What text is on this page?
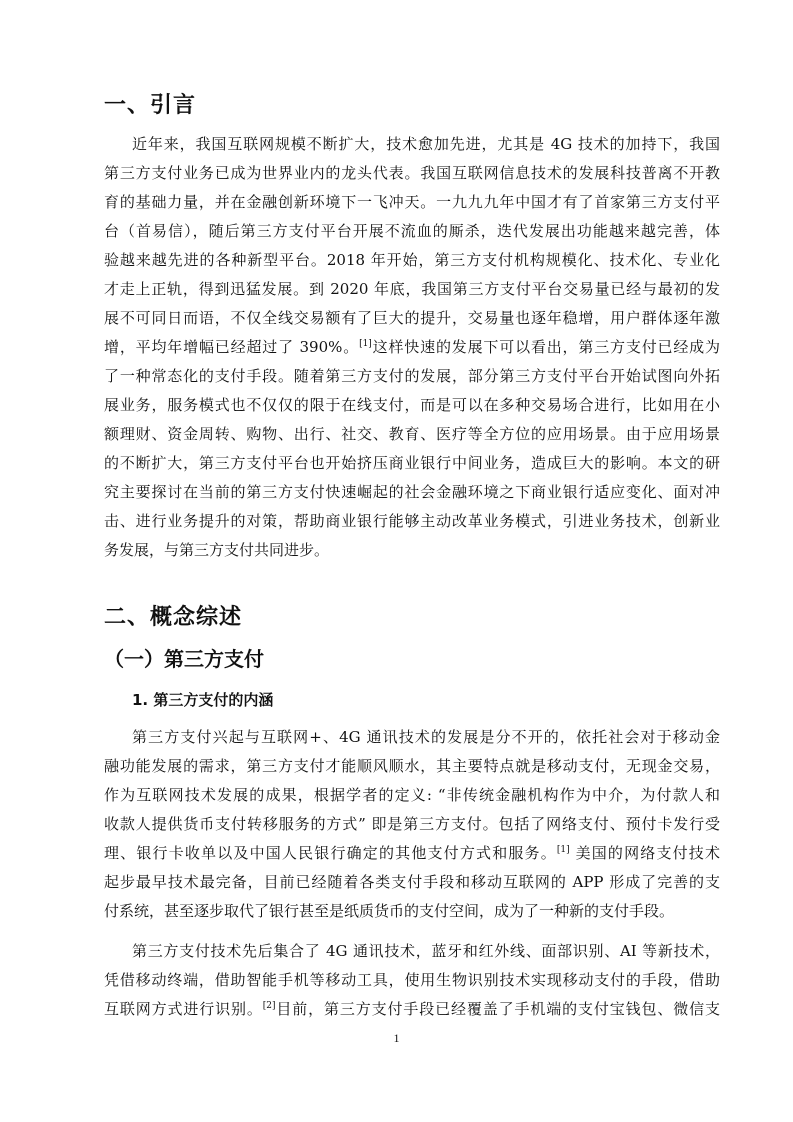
一、引言
近年来，我国互联网规模不断扩大，技术愈加先进，尤其是 4G 技术的加持下，我国
第三方支付业务已成为世界业内的龙头代表。我国互联网信息技术的发展科技普离不开教
育的基础力量，并在金融创新环境下一飞冲天。一九九九年中国才有了首家第三方支付平
台（首易信），随后第三方支付平台开展不流血的厮杀，迭代发展出功能越来越完善，体
验越来越先进的各种新型平台。2018 年开始，第三方支付机构规模化、技术化、专业化
才走上正轨，得到迅猛发展。到 2020 年底，我国第三方支付平台交易量已经与最初的发
展不可同日而语，不仅全线交易额有了巨大的提升，交易量也逐年稳增，用户群体逐年激
增，平均年增幅已经超过了 390%。[1]这样快速的发展下可以看出，第三方支付已经成为
了一种常态化的支付手段。随着第三方支付的发展，部分第三方支付平台开始试图向外拓
展业务，服务模式也不仅仅的限于在线支付，而是可以在多种交易场合进行，比如用在小
额理财、资金周转、购物、出行、社交、教育、医疗等全方位的应用场景。由于应用场景
的不断扩大，第三方支付平台也开始挤压商业银行中间业务，造成巨大的影响。本文的研
究主要探讨在当前的第三方支付快速崛起的社会金融环境之下商业银行适应变化、面对冲
击、进行业务提升的对策，帮助商业银行能够主动改革业务模式，引进业务技术，创新业
务发展，与第三方支付共同进步。
二、概念综述
（一）第三方支付
1. 第三方支付的内涵
第三方支付兴起与互联网+、4G 通讯技术的发展是分不开的，依托社会对于移动金
融功能发展的需求，第三方支付才能顺风顺水，其主要特点就是移动支付，无现金交易，
作为互联网技术发展的成果，根据学者的定义: “非传统金融机构作为中介，为付款人和
收款人提供货币支付转移服务的方式” 即是第三方支付。包括了网络支付、预付卡发行受
理、银行卡收单以及中国人民银行确定的其他支付方式和服务。[1] 美国的网络支付技术
起步最早技术最完备，目前已经随着各类支付手段和移动互联网的 APP 形成了完善的支
付系统，甚至逐步取代了银行甚至是纸质货币的支付空间，成为了一种新的支付手段。
第三方支付技术先后集合了 4G 通讯技术，蓝牙和红外线、面部识别、AI 等新技术，
凭借移动终端，借助智能手机等移动工具，使用生物识别技术实现移动支付的手段，借助
互联网方式进行识别。[2]目前，第三方支付手段已经覆盖了手机端的支付宝钱包、微信支
1
